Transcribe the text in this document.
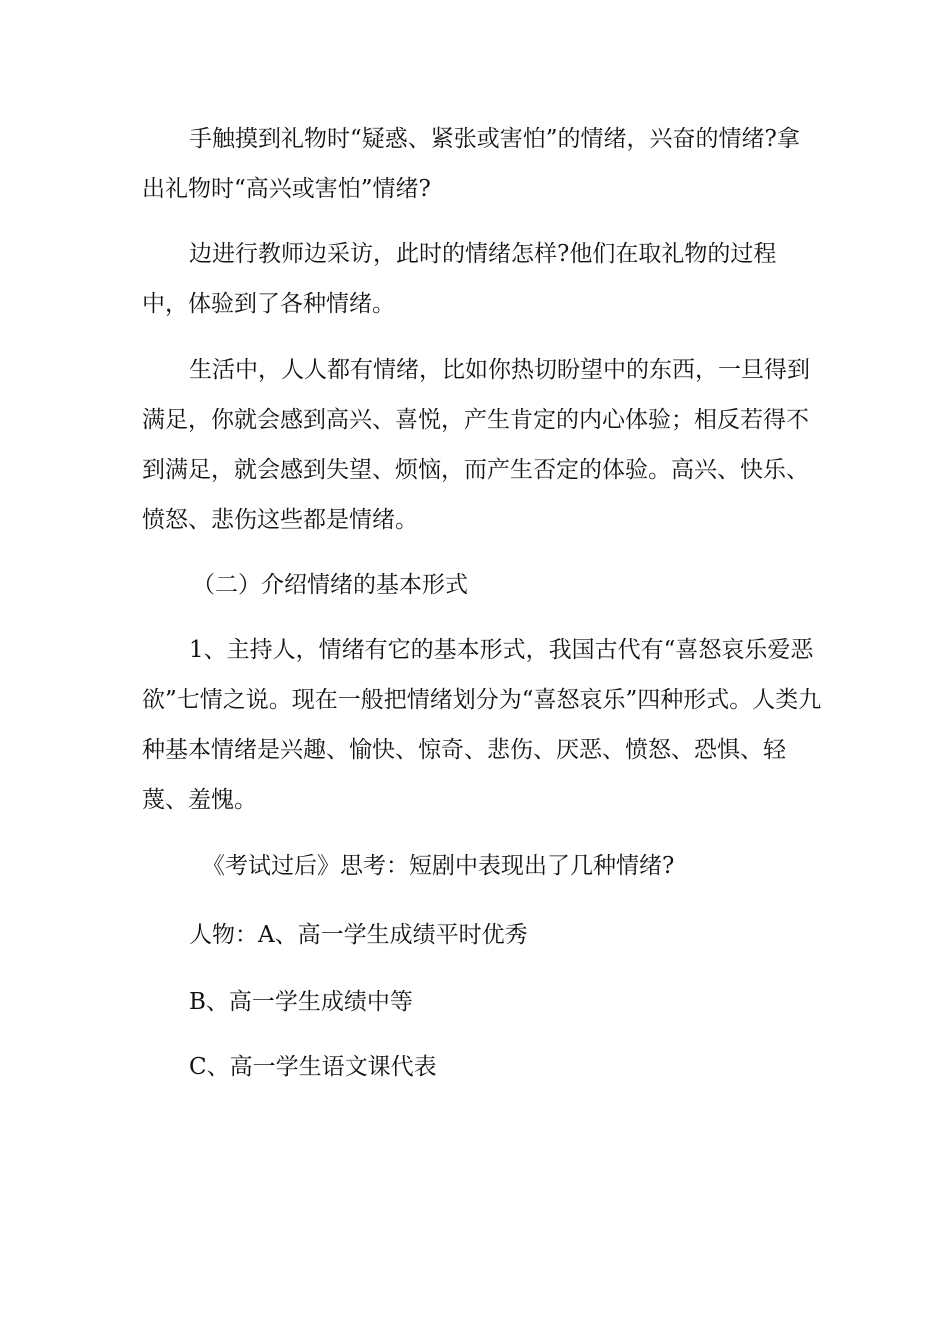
手触摸到礼物时“疑惑、紧张或害怕”的情绪，兴奋的情绪?拿出礼物时“高兴或害怕”情绪?

边进行教师边采访，此时的情绪怎样?他们在取礼物的过程中，体验到了各种情绪。

生活中，人人都有情绪，比如你热切盼望中的东西，一旦得到满足，你就会感到高兴、喜悦，产生肯定的内心体验；相反若得不到满足，就会感到失望、烦恼，而产生否定的体验。高兴、快乐、愤怒、悲伤这些都是情绪。

（二）介绍情绪的基本形式

1、主持人，情绪有它的基本形式，我国古代有“喜怒哀乐爱恶欲”七情之说。现在一般把情绪划分为“喜怒哀乐”四种形式。人类九种基本情绪是兴趣、愉快、惊奇、悲伤、厌恶、愤怒、恐惧、轻蔑、羞愧。

《考试过后》思考：短剧中表现出了几种情绪?

人物：A、高一学生成绩平时优秀

B、高一学生成绩中等

C、高一学生语文课代表
